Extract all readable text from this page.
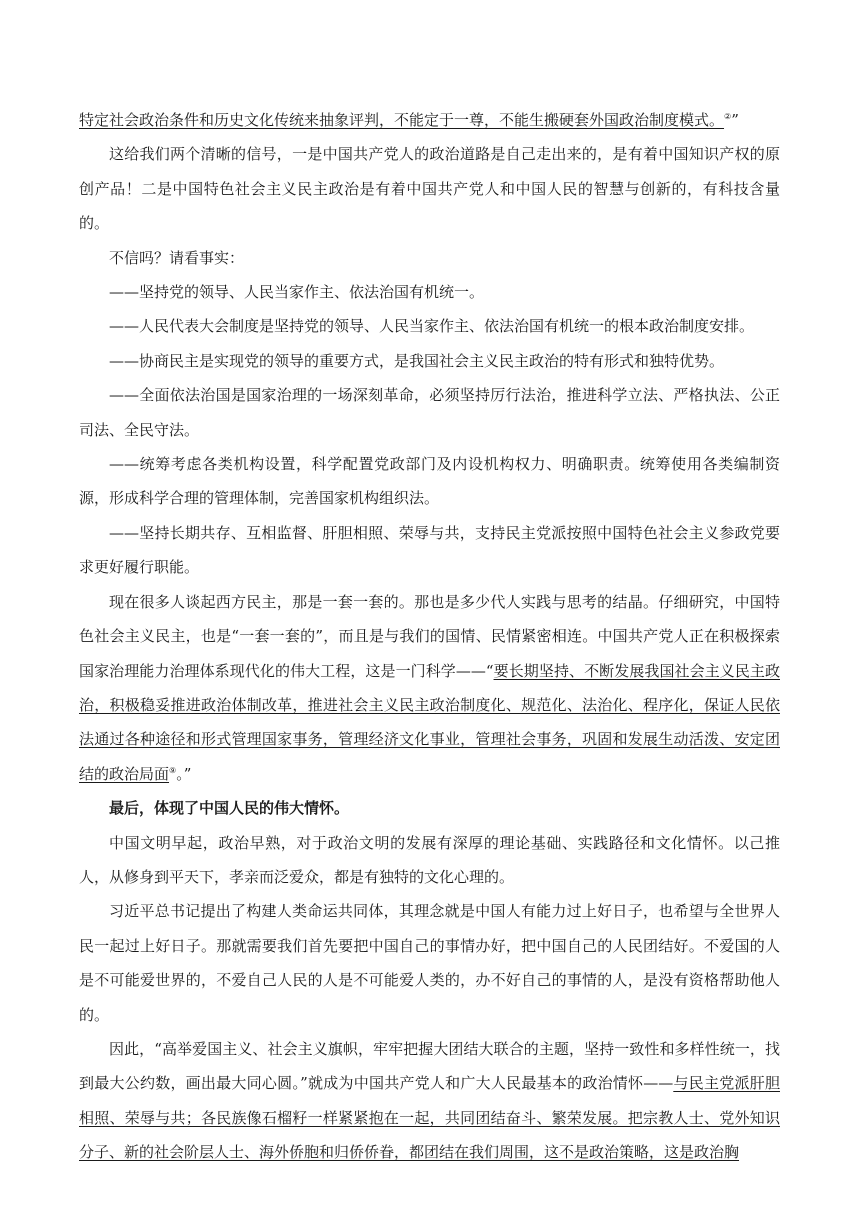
特定社会政治条件和历史文化传统来抽象评判，不能定于一尊，不能生搬硬套外国政治制度模式。②”

这给我们两个清晰的信号，一是中国共产党人的政治道路是自己走出来的，是有着中国知识产权的原创产品！二是中国特色社会主义民主政治是有着中国共产党人和中国人民的智慧与创新的，有科技含量的。

不信吗？请看事实：

——坚持党的领导、人民当家作主、依法治国有机统一。

——人民代表大会制度是坚持党的领导、人民当家作主、依法治国有机统一的根本政治制度安排。

——协商民主是实现党的领导的重要方式，是我国社会主义民主政治的特有形式和独特优势。

——全面依法治国是国家治理的一场深刻革命，必须坚持厉行法治，推进科学立法、严格执法、公正司法、全民守法。

——统筹考虑各类机构设置，科学配置党政部门及内设机构权力、明确职责。统筹使用各类编制资源，形成科学合理的管理体制，完善国家机构组织法。

——坚持长期共存、互相监督、肝胆相照、荣辱与共，支持民主党派按照中国特色社会主义参政党要求更好履行职能。

现在很多人谈起西方民主，那是一套一套的。那也是多少代人实践与思考的结晶。仔细研究，中国特色社会主义民主，也是“一套一套的”，而且是与我们的国情、民情紧密相连。中国共产党人正在积极探索国家治理能力治理体系现代化的伟大工程，这是一门科学——“要长期坚持、不断发展我国社会主义民主政治，积极稳妥推进政治体制改革，推进社会主义民主政治制度化、规范化、法治化、程序化，保证人民依法通过各种途径和形式管理国家事务，管理经济文化事业，管理社会事务，巩固和发展生动活泼、安定团结的政治局面⑨。”

最后，体现了中国人民的伟大情怀。

中国文明早起，政治早熟，对于政治文明的发展有深厚的理论基础、实践路径和文化情怀。以己推人，从修身到平天下，孝亲而泛爱众，都是有独特的文化心理的。

习近平总书记提出了构建人类命运共同体，其理念就是中国人有能力过上好日子，也希望与全世界人民一起过上好日子。那就需要我们首先要把中国自己的事情办好，把中国自己的人民团结好。不爱国的人是不可能爱世界的，不爱自己人民的人是不可能爱人类的，办不好自己的事情的人，是没有资格帮助他人的。

因此，“高举爱国主义、社会主义旗帜，牢牢把握大团结大联合的主题，坚持一致性和多样性统一，找到最大公约数，画出最大同心圆。”就成为中国共产党人和广大人民最基本的政治情怀——与民主党派肝胆相照、荣辱与共；各民族像石榴籽一样紧紧抱在一起，共同团结奋斗、繁荣发展。把宗教人士、党外知识分子、新的社会阶层人士、海外侨胞和归侨侨眷，都团结在我们周围，这不是政治策略，这是政治胸
